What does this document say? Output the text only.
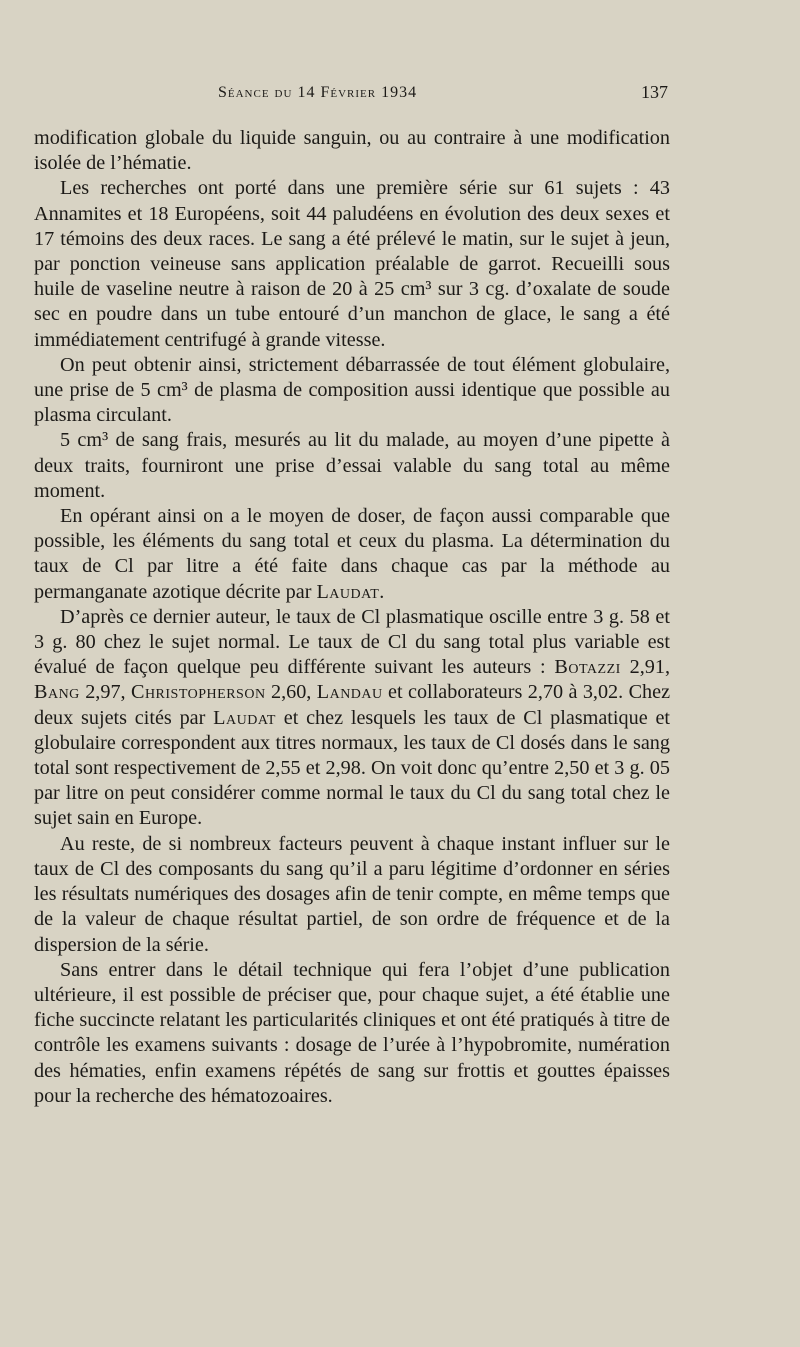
Séance du 14 Février 1934	137

modification globale du liquide sanguin, ou au contraire à une modification isolée de l’hématie.

Les recherches ont porté dans une première série sur 61 sujets : 43 Annamites et 18 Européens, soit 44 paludéens en évolution des deux sexes et 17 témoins des deux races. Le sang a été prélevé le matin, sur le sujet à jeun, par ponction veineuse sans application préalable de garrot. Recueilli sous huile de vaseline neutre à raison de 20 à 25 cm³ sur 3 cg. d’oxalate de soude sec en poudre dans un tube entouré d’un manchon de glace, le sang a été immédiatement centrifugé à grande vitesse.

On peut obtenir ainsi, strictement débarrassée de tout élément globulaire, une prise de 5 cm³ de plasma de composition aussi identique que possible au plasma circulant.

5 cm³ de sang frais, mesurés au lit du malade, au moyen d’une pipette à deux traits, fourniront une prise d’essai valable du sang total au même moment.

En opérant ainsi on a le moyen de doser, de façon aussi comparable que possible, les éléments du sang total et ceux du plasma. La détermination du taux de Cl par litre a été faite dans chaque cas par la méthode au permanganate azotique décrite par Laudat.

D’après ce dernier auteur, le taux de Cl plasmatique oscille entre 3 g. 58 et 3 g. 80 chez le sujet normal. Le taux de Cl du sang total plus variable est évalué de façon quelque peu différente suivant les auteurs : Botazzi 2,91, Bang 2,97, Christopherson 2,60, Landau et collaborateurs 2,70 à 3,02. Chez deux sujets cités par Laudat et chez lesquels les taux de Cl plasmatique et globulaire correspondent aux titres normaux, les taux de Cl dosés dans le sang total sont respectivement de 2,55 et 2,98. On voit donc qu’entre 2,50 et 3 g. 05 par litre on peut considérer comme normal le taux du Cl du sang total chez le sujet sain en Europe.

Au reste, de si nombreux facteurs peuvent à chaque instant influer sur le taux de Cl des composants du sang qu’il a paru légitime d’ordonner en séries les résultats numériques des dosages afin de tenir compte, en même temps que de la valeur de chaque résultat partiel, de son ordre de fréquence et de la dispersion de la série.

Sans entrer dans le détail technique qui fera l’objet d’une publication ultérieure, il est possible de préciser que, pour chaque sujet, a été établie une fiche succincte relatant les particularités cliniques et ont été pratiqués à titre de contrôle les examens suivants : dosage de l’urée à l’hypobromite, numération des hématies, enfin examens répétés de sang sur frottis et gouttes épaisses pour la recherche des hématozoaires.
